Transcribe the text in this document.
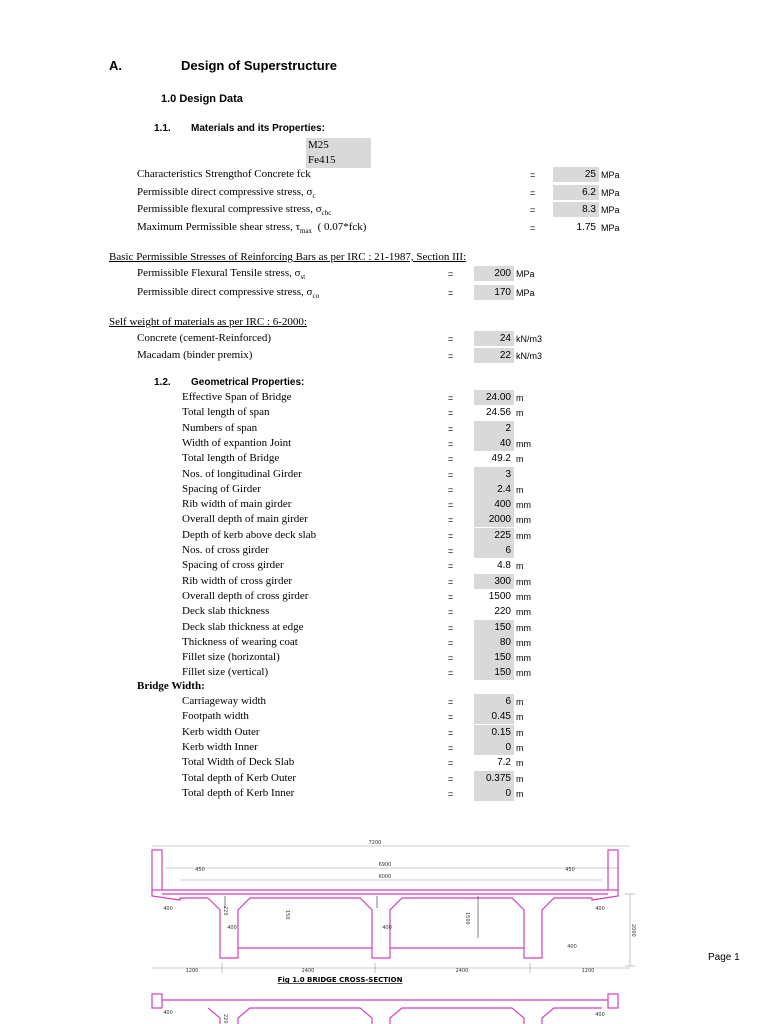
A.	Design of Superstructure
1.0 Design Data
1.1. Materials and its Properties:
M25
Fe415
Characteristics Strengthof Concrete fck	=	25 MPa
Permissible direct compressive stress, $\sigma_c$	=	6.2 MPa
Permissible flexural compressive stress, $\sigma_{cbc}$	=	8.3 MPa
Maximum Permissible shear stress, $\tau_{max}$  ( 0.07*fck)	=	1.75 MPa
Basic Permissible Stresses of Reinforcing Bars as per IRC : 21-1987, Section III:
Permissible Flexural Tensile stress, $\sigma_{st}$	=	200 MPa
Permissible direct compressive stress, $\sigma_{co}$	=	170 MPa
Self weight of materials as per IRC : 6-2000:
Concrete (cement-Reinforced)	=	24 kN/m3
Macadam (binder premix)	=	22 kN/m3
1.2. Geometrical Properties:
Effective Span of Bridge	=	24.00 m
Total length of span	=	24.56 m
Numbers of span	=	2
Width of expantion Joint	=	40 mm
Total length of Bridge	=	49.2 m
Nos. of longitudinal Girder	=	3
Spacing of Girder	=	2.4 m
Rib width of main girder	=	400 mm
Overall depth of main girder	=	2000 mm
Depth of kerb above deck slab	=	225 mm
Nos. of cross girder	=	6
Spacing of cross girder	=	4.8 m
Rib width of cross girder	=	300 mm
Overall depth of cross girder	=	1500 mm
Deck slab thickness	=	220 mm
Deck slab thickness at edge	=	150 mm
Thickness of wearing coat	=	80 mm
Fillet size (horizontal)	=	150 mm
Fillet size (vertical)	=	150 mm
Bridge Width:
Carriageway width	=	6 m
Footpath width	=	0.45 m
Kerb width Outer	=	0.15 m
Kerb width Inner	=	0 m
Total Width of Deck Slab	=	7.2 m
Total depth of Kerb Outer	=	0.375 m
Total depth of Kerb Inner	=	0 m
7200
6900
6000
450	450
400	400
400	400
400
220	150	1500
2000
1200	2400	2400	1200
400
220	400
Fig 1.0 BRIDGE CROSS-SECTION
Page 1
